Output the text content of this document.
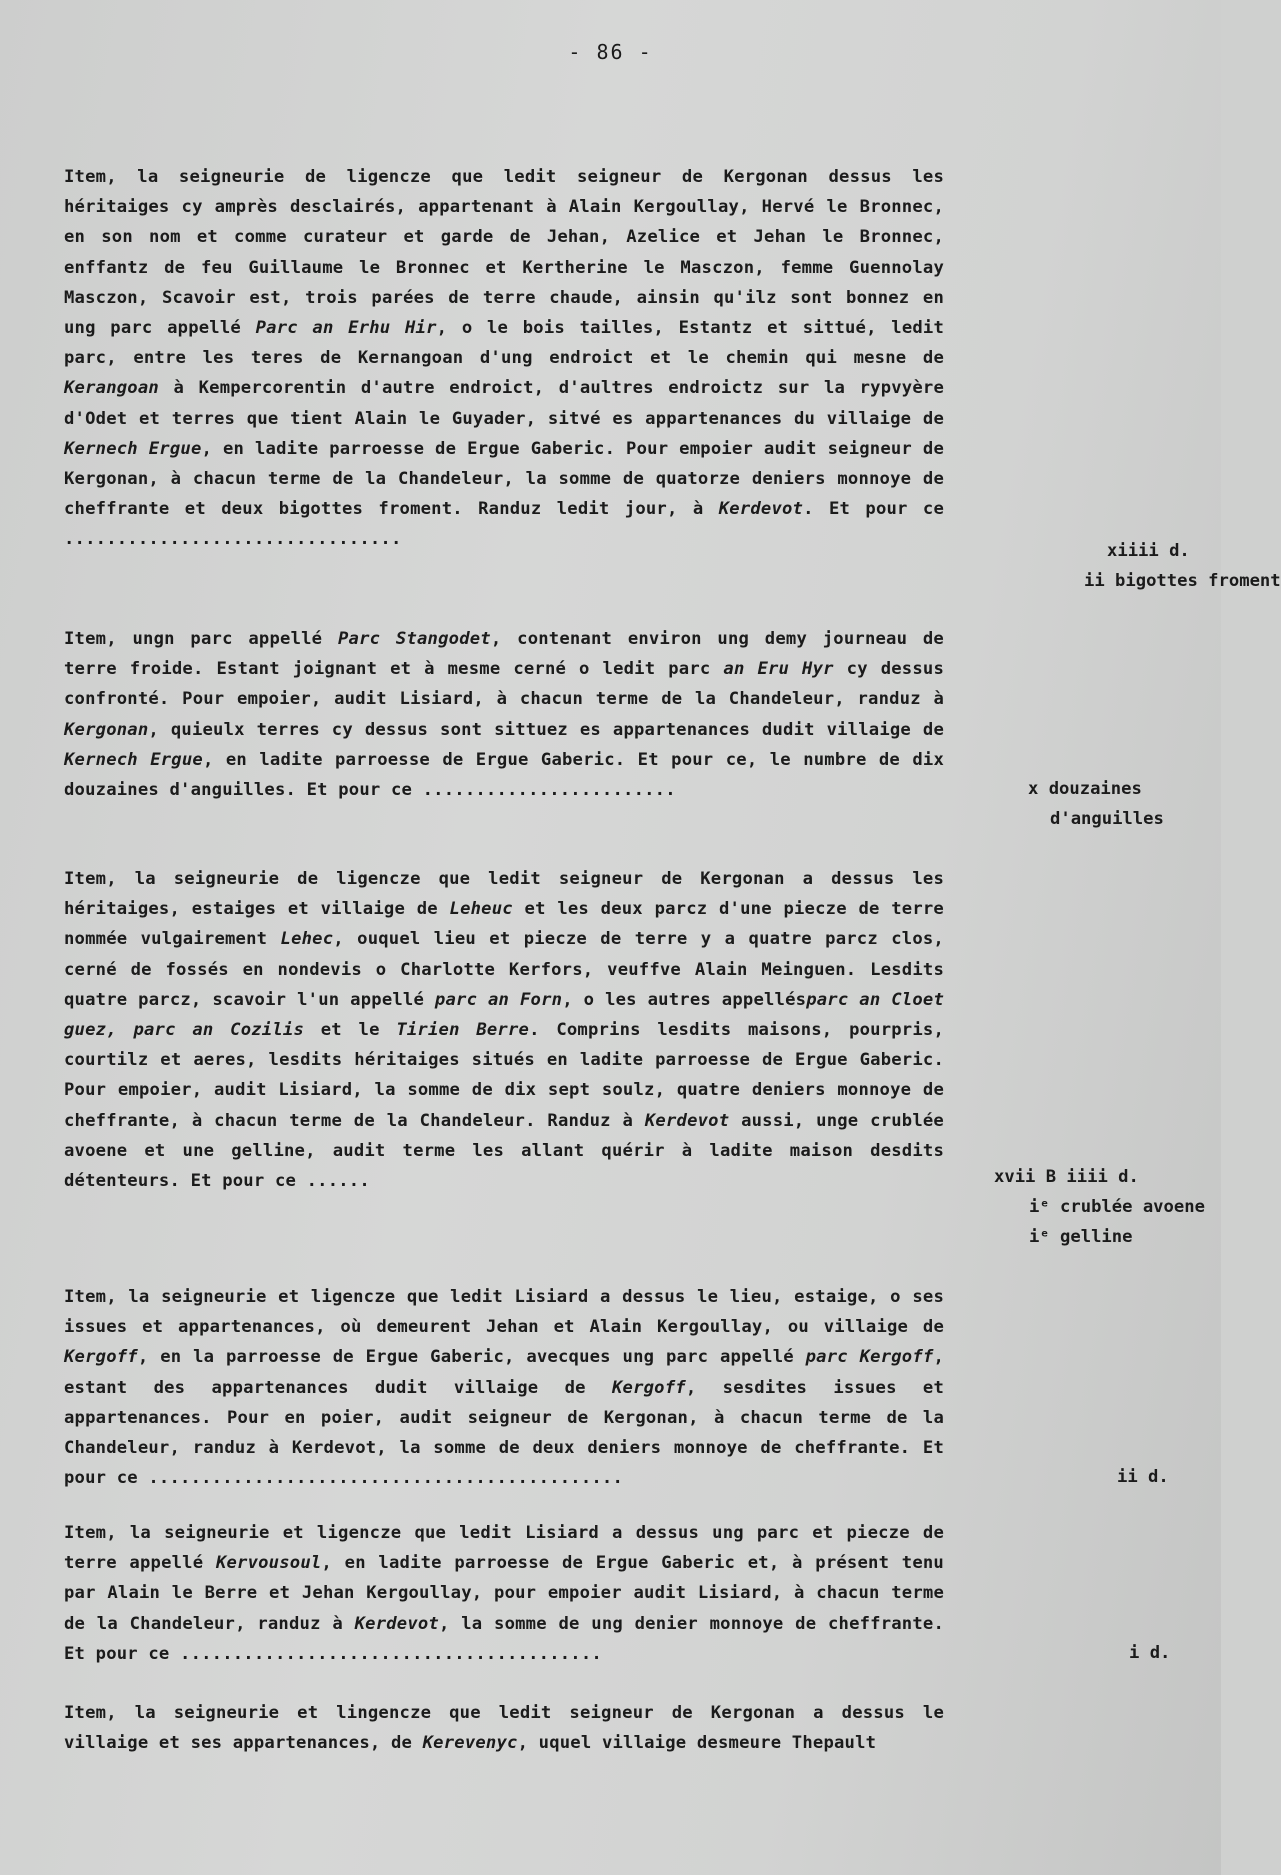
- 86 -
Item, la seigneurie de ligencze que ledit seigneur de Kergonan dessus les héritaiges cy amprès desclairés, appartenant à Alain Kergoullay, Hervé le Bronnec, en son nom et comme curateur et garde de Jehan, Azelice et Jehan le Bronnec, enffantz de feu Guillaume le Bronnec et Kertherine le Masczon, femme Guennolay Masczon, Scavoir est, trois parées de terre chaude, ainsin qu'ilz sont bonnez en ung parc appellé Parc an Erhu Hir, o le bois tailles, Estantz et sittué, ledit parc, entre les teres de Kernangoan d'ung endroict et le chemin qui mesne de Kerangoan à Kempercorentin d'autre endroict, d'aultres endroictz sur la rypvyère d'Odet et terres que tient Alain le Guyader, sitvé es appartenances du villaige de Kernech Ergue, en ladite parroesse de Ergue Gaberic. Pour empoier audit seigneur de Kergonan, à chacun terme de la Chandeleur, la somme de quatorze deniers monnoye de cheffrante et deux bigottes froment. Randuz ledit jour, à Kerdevot. Et pour ce ................................
xiiii d.
ii bigottes froment
Item, ungn parc appellé Parc Stangodet, contenant environ ung demy journeau de terre froide. Estant joignant et à mesme cerné o ledit parc an Eru Hyr cy dessus confronté. Pour empoier, audit Lisiard, à chacun terme de la Chandeleur, randuz à Kergonan, quieulx terres cy dessus sont sittuez es appartenances dudit villaige de Kernech Ergue, en ladite parroesse de Ergue Gaberic. Et pour ce, le numbre de dix douzaines d'anguilles. Et pour ce ........................	x douzaines
d'anguilles
Item, la seigneurie de ligencze que ledit seigneur de Kergonan a dessus les héritaiges, estaiges et villaige de Leheuc et les deux parcz d'une piecze de terre nommée vulgairement Lehec, ouquel lieu et piecze de terre y a quatre parcz clos, cerné de fossés en nondevis o Charlotte Kerfors, veuffve Alain Meinguen. Lesdits quatre parcz, scavoir l'un appellé parc an Forn, o les autres appellésparc an Cloet guez, parc an Cozilis et le Tirien Berre. Comprins lesdits maisons, pourpris, courtilz et aeres, lesdits héritaiges situés en ladite parroesse de Ergue Gaberic. Pour empoier, audit Lisiard, la somme de dix sept soulz, quatre deniers monnoye de cheffrante, à chacun terme de la Chandeleur. Randuz à Kerdevot aussi, unge crublée avoene et une gelline, audit terme les allant quérir à ladite maison desdits détenteurs. Et pour ce ......	xvii B iiii d.
iᵉ crublée avoene
iᵉ gelline
Item, la seigneurie et ligencze que ledit Lisiard a dessus le lieu, estaige, o ses issues et appartenances, où demeurent Jehan et Alain Kergoullay, ou villaige de Kergoff, en la parroesse de Ergue Gaberic, avecques ung parc appellé parc Kergoff, estant des appartenances dudit villaige de Kergoff, sesdites issues et appartenances. Pour en poier, audit seigneur de Kergonan, à chacun terme de la Chandeleur, randuz à Kerdevot, la somme de deux deniers monnoye de cheffrante. Et pour ce .............................................	ii d.
Item, la seigneurie et ligencze que ledit Lisiard a dessus ung parc et piecze de terre appellé Kervousoul, en ladite parroesse de Ergue Gaberic et, à présent tenu par Alain le Berre et Jehan Kergoullay, pour empoier audit Lisiard, à chacun terme de la Chandeleur, randuz à Kerdevot, la somme de ung denier monnoye de cheffrante. Et pour ce ........................................	i d.
Item, la seigneurie et lingencze que ledit seigneur de Kergonan a dessus le villaige et ses appartenances, de Kerevenyc, uquel villaige desmeure Thepault
